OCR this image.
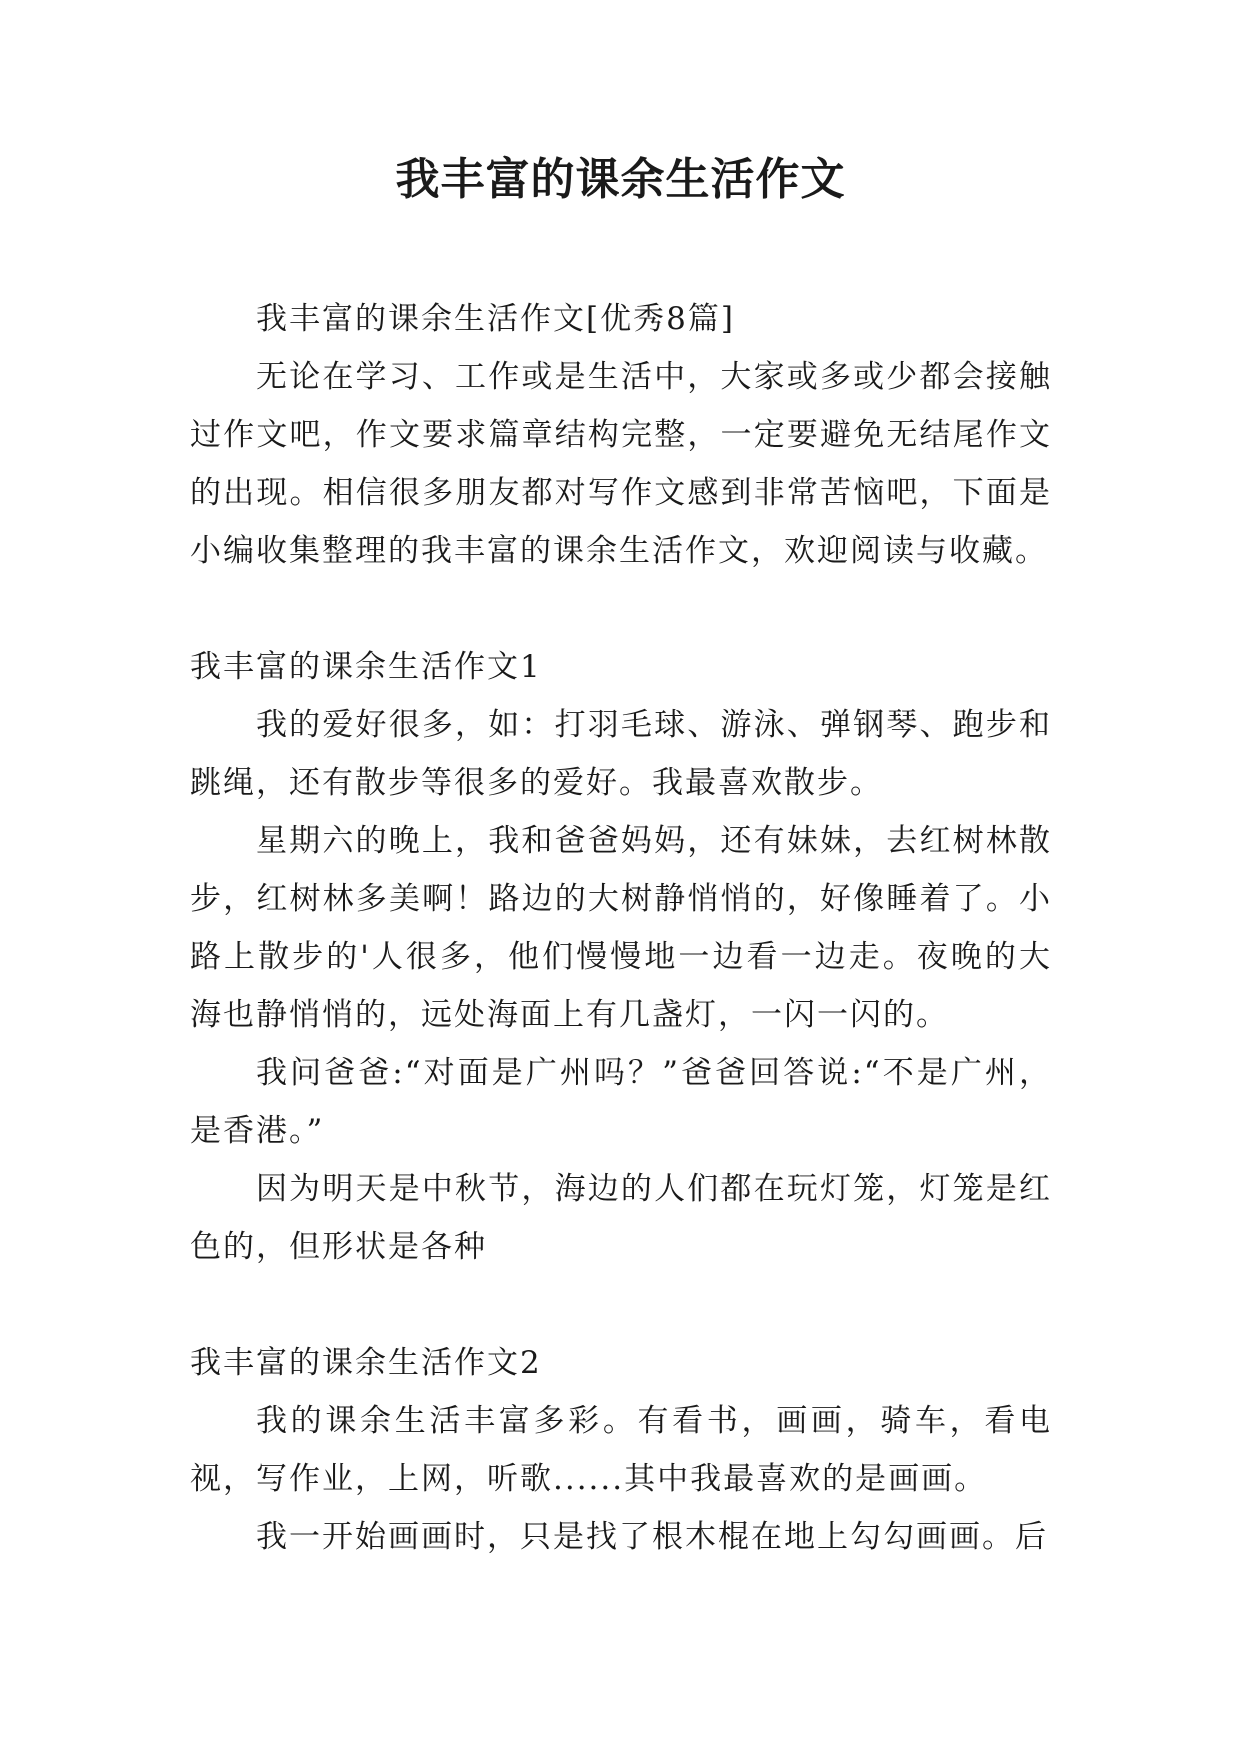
我丰富的课余生活作文

我丰富的课余生活作文[优秀8篇]

无论在学习、工作或是生活中，大家或多或少都会接触过作文吧，作文要求篇章结构完整，一定要避免无结尾作文的出现。相信很多朋友都对写作文感到非常苦恼吧，下面是小编收集整理的我丰富的课余生活作文，欢迎阅读与收藏。

我丰富的课余生活作文1

我的爱好很多，如：打羽毛球、游泳、弹钢琴、跑步和跳绳，还有散步等很多的爱好。我最喜欢散步。

星期六的晚上，我和爸爸妈妈，还有妹妹，去红树林散步，红树林多美啊！路边的大树静悄悄的，好像睡着了。小路上散步的'人很多，他们慢慢地一边看一边走。夜晚的大海也静悄悄的，远处海面上有几盏灯，一闪一闪的。

我问爸爸:“对面是广州吗？”爸爸回答说:“不是广州，是香港。”

因为明天是中秋节，海边的人们都在玩灯笼，灯笼是红色的，但形状是各种

我丰富的课余生活作文2

我的课余生活丰富多彩。有看书，画画，骑车，看电视，写作业，上网，听歌......其中我最喜欢的是画画。

我一开始画画时，只是找了根木棍在地上勾勾画画。后
